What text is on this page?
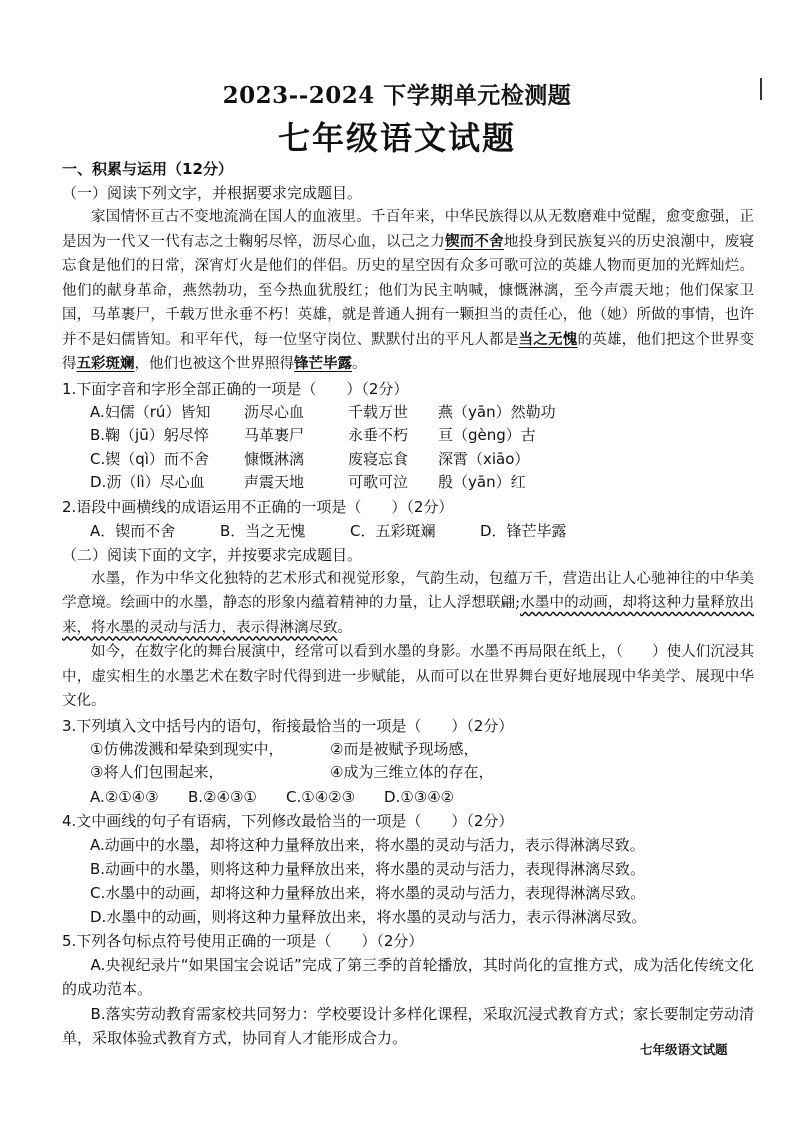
2023--2024 下学期单元检测题
七年级语文试题
一、积累与运用（12分）
（一）阅读下列文字，并根据要求完成题目。
家国情怀亘古不变地流淌在国人的血液里。千百年来，中华民族得以从无数磨难中觉醒，愈变愈强，正是因为一代又一代有志之士鞠躬尽悴，沥尽心血，以己之力锲而不舍地投身到民族复兴的历史浪潮中，废寝忘食是他们的日常，深宵灯火是他们的伴侣。历史的星空因有众多可歌可泣的英雄人物而更加的光辉灿烂。他们的献身革命，燕然勃功，至今热血犹殷红；他们为民主呐喊，慷慨淋漓，至今声震天地；他们保家卫国，马革裹尸，千载万世永垂不朽！英雄，就是普通人拥有一颗担当的责任心，他（她）所做的事情，也许并不是妇儒皆知。和平年代，每一位坚守岗位、默默付出的平凡人都是当之无愧的英雄，他们把这个世界变得五彩斑斓，他们也被这个世界照得锋芒毕露。
1.下面字音和字形全部正确的一项是（　　）（2分）
A.妇儒（rú）皆知	沥尽心血	千载万世	燕（yān）然勒功
B.鞠（jū）躬尽悴	马革裹尸	永垂不朽	亘（gèng）古
C.锲（qì）而不舍	慷慨淋漓	废寝忘食	深霄（xiāo）
D.沥（lì）尽心血	声震天地	可歌可泣	殷（yān）红
2.语段中画横线的成语运用不正确的一项是（　　）（2分）
A．锲而不舍	B．当之无愧	C．五彩斑斓	D．锋芒毕露
（二）阅读下面的文字，并按要求完成题目。
水墨，作为中华文化独特的艺术形式和视觉形象，气韵生动，包蕴万千，营造出让人心驰神往的中华美学意境。绘画中的水墨，静态的形象内蕴着精神的力量，让人浮想联翩;水墨中的动画，却将这种力量释放出来，将水墨的灵动与活力，表示得淋漓尽致。
如今，在数字化的舞台展演中，经常可以看到水墨的身影。水墨不再局限在纸上，（　　）使人们沉浸其中，虚实相生的水墨艺术在数字时代得到进一步赋能，从而可以在世界舞台更好地展现中华美学、展现中华文化。
3.下列填入文中括号内的语句，衔接最恰当的一项是（　　）（2分）
①仿佛泼溅和晕染到现实中，	②而是被赋予现场感，
③将人们包围起来，	④成为三维立体的存在，
A.②①④③	B.②④③①	C.①④②③	D.①③④②
4.文中画线的句子有语病，下列修改最恰当的一项是（　　）（2分）
A.动画中的水墨，却将这种力量释放出来，将水墨的灵动与活力，表示得淋漓尽致。
B.动画中的水墨，则将这种力量释放出来，将水墨的灵动与活力，表现得淋漓尽致。
C.水墨中的动画，却将这种力量释放出来，将水墨的灵动与活力，表现得淋漓尽致。
D.水墨中的动画，则将这种力量释放出来，将水墨的灵动与活力，表示得淋漓尽致。
5.下列各句标点符号使用正确的一项是（　　）（2分）
A.央视纪录片“如果国宝会说话”完成了第三季的首轮播放，其时尚化的宣推方式，成为活化传统文化的成功范本。
B.落实劳动教育需家校共同努力：学校要设计多样化课程，采取沉浸式教育方式；家长要制定劳动清单，采取体验式教育方式，协同育人才能形成合力。
七年级语文试题
